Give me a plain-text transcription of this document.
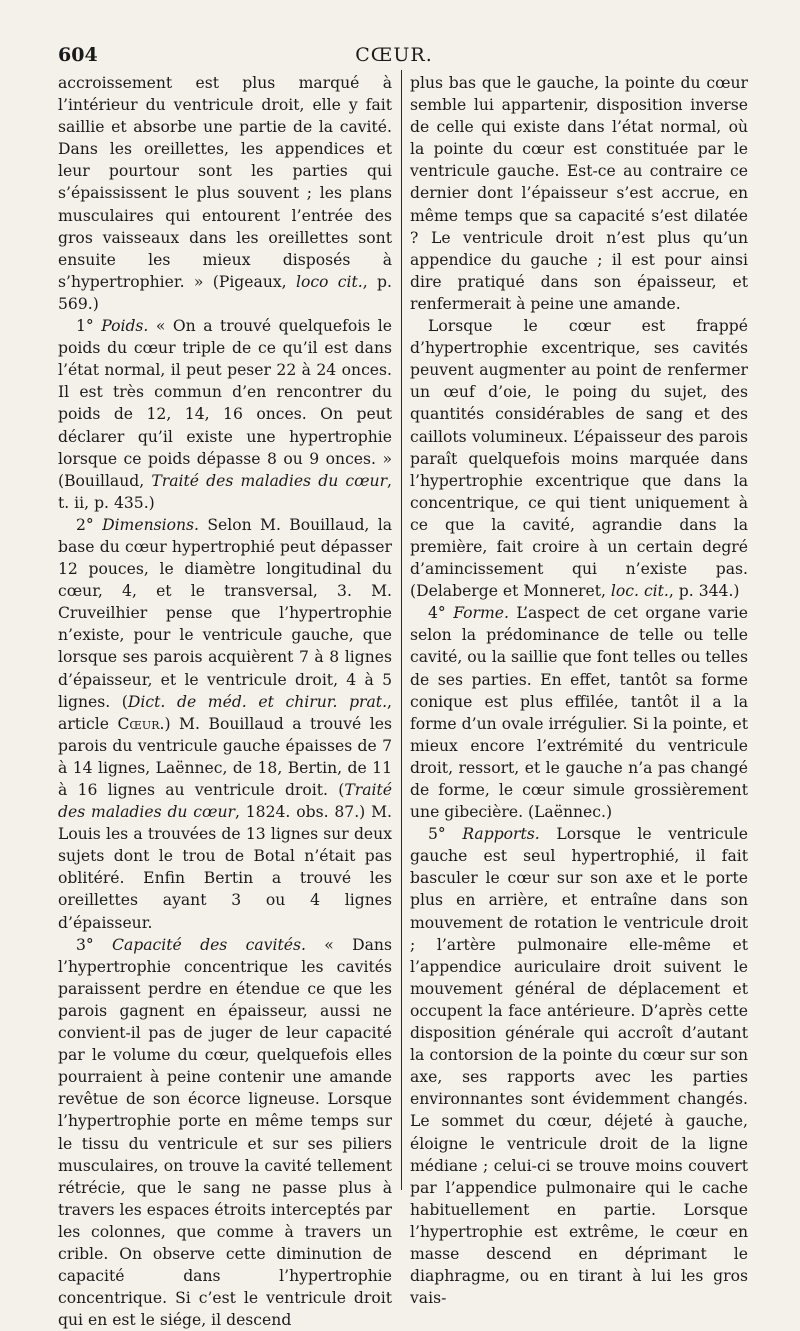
604	CŒUR.

accroissement est plus marqué à l’intérieur du ventricule droit, elle y fait saillie et absorbe une partie de la cavité. Dans les oreillettes, les appendices et leur pourtour sont les parties qui s’épaississent le plus souvent ; les plans musculaires qui entourent l’entrée des gros vaisseaux dans les oreillettes sont ensuite les mieux disposés à s’hypertrophier. » (Pigeaux, loco cit., p. 569.)

1° Poids. « On a trouvé quelquefois le poids du cœur triple de ce qu’il est dans l’état normal, il peut peser 22 à 24 onces. Il est très commun d’en rencontrer du poids de 12, 14, 16 onces. On peut déclarer qu’il existe une hypertrophie lorsque ce poids dépasse 8 ou 9 onces. » (Bouillaud, Traité des maladies du cœur, t. ii, p. 435.)

2° Dimensions. Selon M. Bouillaud, la base du cœur hypertrophié peut dépasser 12 pouces, le diamètre longitudinal du cœur, 4, et le transversal, 3. M. Cruveilhier pense que l’hypertrophie n’existe, pour le ventricule gauche, que lorsque ses parois acquièrent 7 à 8 lignes d’épaisseur, et le ventricule droit, 4 à 5 lignes. (Dict. de méd. et chirur. prat., article Cœur.) M. Bouillaud a trouvé les parois du ventricule gauche épaisses de 7 à 14 lignes, Laënnec, de 18, Bertin, de 11 à 16 lignes au ventricule droit. (Traité des maladies du cœur, 1824. obs. 87.) M. Louis les a trouvées de 13 lignes sur deux sujets dont le trou de Botal n’était pas oblitéré. Enfin Bertin a trouvé les oreillettes ayant 3 ou 4 lignes d’épaisseur.

3° Capacité des cavités. « Dans l’hypertrophie concentrique les cavités paraissent perdre en étendue ce que les parois gagnent en épaisseur, aussi ne convient-il pas de juger de leur capacité par le volume du cœur, quelquefois elles pourraient à peine contenir une amande revêtue de son écorce ligneuse. Lorsque l’hypertrophie porte en même temps sur le tissu du ventricule et sur ses piliers musculaires, on trouve la cavité tellement rétrécie, que le sang ne passe plus à travers les espaces étroits interceptés par les colonnes, que comme à travers un crible. On observe cette diminution de capacité dans l’hypertrophie concentrique. Si c’est le ventricule droit qui en est le siége, il descend

plus bas que le gauche, la pointe du cœur semble lui appartenir, disposition inverse de celle qui existe dans l’état normal, où la pointe du cœur est constituée par le ventricule gauche. Est-ce au contraire ce dernier dont l’épaisseur s’est accrue, en même temps que sa capacité s’est dilatée ? Le ventricule droit n’est plus qu’un appendice du gauche ; il est pour ainsi dire pratiqué dans son épaisseur, et renfermerait à peine une amande.

Lorsque le cœur est frappé d’hypertrophie excentrique, ses cavités peuvent augmenter au point de renfermer un œuf d’oie, le poing du sujet, des quantités considérables de sang et des caillots volumineux. L’épaisseur des parois paraît quelquefois moins marquée dans l’hypertrophie excentrique que dans la concentrique, ce qui tient uniquement à ce que la cavité, agrandie dans la première, fait croire à un certain degré d’amincissement qui n’existe pas. (Delaberge et Monneret, loc. cit., p. 344.)

4° Forme. L’aspect de cet organe varie selon la prédominance de telle ou telle cavité, ou la saillie que font telles ou telles de ses parties. En effet, tantôt sa forme conique est plus effilée, tantôt il a la forme d’un ovale irrégulier. Si la pointe, et mieux encore l’extrémité du ventricule droit, ressort, et le gauche n’a pas changé de forme, le cœur simule grossièrement une gibecière. (Laënnec.)

5° Rapports. Lorsque le ventricule gauche est seul hypertrophié, il fait basculer le cœur sur son axe et le porte plus en arrière, et entraîne dans son mouvement de rotation le ventricule droit ; l’artère pulmonaire elle-même et l’appendice auriculaire droit suivent le mouvement général de déplacement et occupent la face antérieure. D’après cette disposition générale qui accroît d’autant la contorsion de la pointe du cœur sur son axe, ses rapports avec les parties environnantes sont évidemment changés. Le sommet du cœur, déjeté à gauche, éloigne le ventricule droit de la ligne médiane ; celui-ci se trouve moins couvert par l’appendice pulmonaire qui le cache habituellement en partie. Lorsque l’hypertrophie est extrême, le cœur en masse descend en déprimant le diaphragme, ou en tirant à lui les gros vais-
